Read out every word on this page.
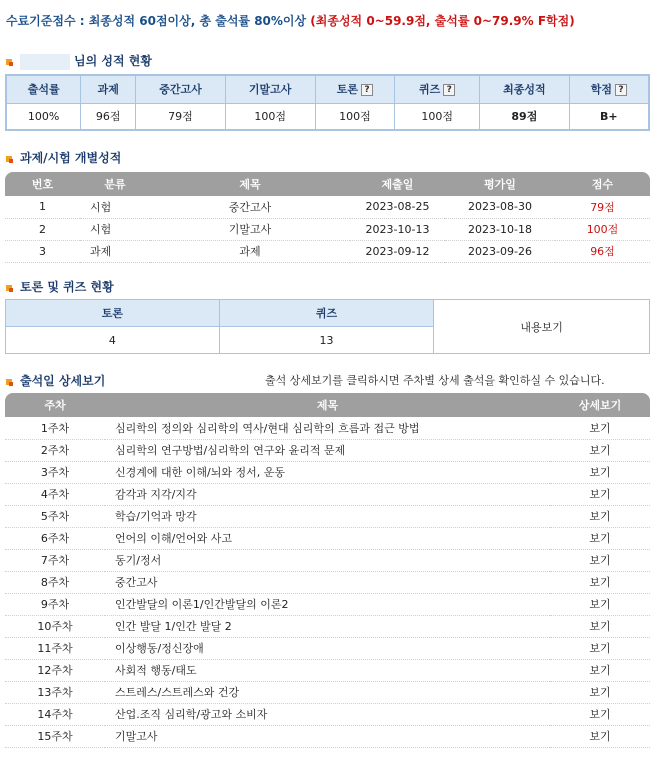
수료기준점수 : 최종성적 60점이상, 총 출석률 80%이상 (최종성적 0~59.9점, 출석률 0~79.9% F학점)
님의 성적 현황
출석률	과제	중간고사	기말고사	토론 ?	퀴즈 ?	최종성적	학점 ?
100%	96점	79점	100점	100점	100점	89점	B+
과제/시험 개별성적
번호	분류	제목	제출일	평가일	점수
1	시험	중간고사	2023-08-25	2023-08-30	79점
2	시험	기말고사	2023-10-13	2023-10-18	100점
3	과제	과제	2023-09-12	2023-09-26	96점
토론 및 퀴즈 현황
토론	퀴즈	내용보기
4	13	
출석일 상세보기	출석 상세보기를 클릭하시면 주차별 상세 출석을 확인하실 수 있습니다.
주차	제목	상세보기
1주차	심리학의 정의와 심리학의 역사/현대 심리학의 흐름과 접근 방법	보기
2주차	심리학의 연구방법/심리학의 연구와 윤리적 문제	보기
3주차	신경계에 대한 이해/뇌와 정서, 운동	보기
4주차	감각과 지각/지각	보기
5주차	학습/기억과 망각	보기
6주차	언어의 이해/언어와 사고	보기
7주차	동기/정서	보기
8주차	중간고사	보기
9주차	인간발달의 이론1/인간발달의 이론2	보기
10주차	인간 발달 1/인간 발달 2	보기
11주차	이상행동/정신장애	보기
12주차	사회적 행동/태도	보기
13주차	스트레스/스트레스와 건강	보기
14주차	산업.조직 심리학/광고와 소비자	보기
15주차	기말고사	보기
